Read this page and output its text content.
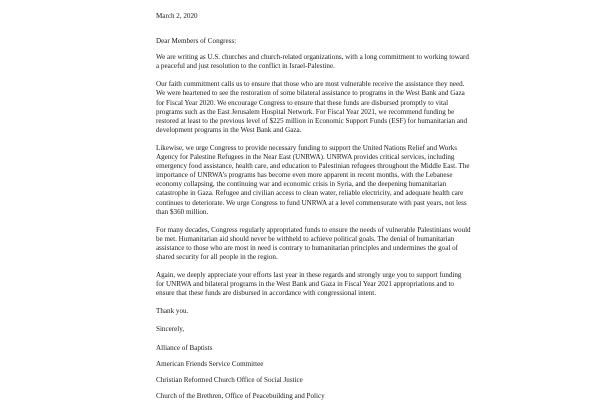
March 2, 2020

Dear Members of Congress:

We are writing as U.S. churches and church-related organizations, with a long commitment to working toward a peaceful and just resolution to the conflict in Israel-Palestine.

Our faith commitment calls us to ensure that those who are most vulnerable receive the assistance they need. We were heartened to see the restoration of some bilateral assistance to programs in the West Bank and Gaza for Fiscal Year 2020. We encourage Congress to ensure that these funds are disbursed promptly to vital programs such as the East Jerusalem Hospital Network. For Fiscal Year 2021, we recommend funding be restored at least to the previous level of $225 million in Economic Support Funds (ESF) for humanitarian and development programs in the West Bank and Gaza.

Likewise, we urge Congress to provide necessary funding to support the United Nations Relief and Works Agency for Palestine Refugees in the Near East (UNRWA). UNRWA provides critical services, including emergency food assistance, health care, and education to Palestinian refugees throughout the Middle East. The importance of UNRWA’s programs has become even more apparent in recent months, with the Lebanese economy collapsing, the continuing war and economic crisis in Syria, and the deepening humanitarian catastrophe in Gaza. Refugee and civilian access to clean water, reliable electricity, and adequate health care continues to deteriorate. We urge Congress to fund UNRWA at a level commensurate with past years, not less than $360 million.

For many decades, Congress regularly appropriated funds to ensure the needs of vulnerable Palestinians would be met. Humanitarian aid should never be withheld to achieve political goals. The denial of humanitarian assistance to those who are most in need is contrary to humanitarian principles and undermines the goal of shared security for all people in the region.

Again, we deeply appreciate your efforts last year in these regards and strongly urge you to support funding for UNRWA and bilateral programs in the West Bank and Gaza in Fiscal Year 2021 appropriations and to ensure that these funds are disbursed in accordance with congressional intent.

Thank you.

Sincerely,

Alliance of Baptists

American Friends Service Committee

Christian Reformed Church Office of Social Justice

Church of the Brethren, Office of Peacebuilding and Policy
